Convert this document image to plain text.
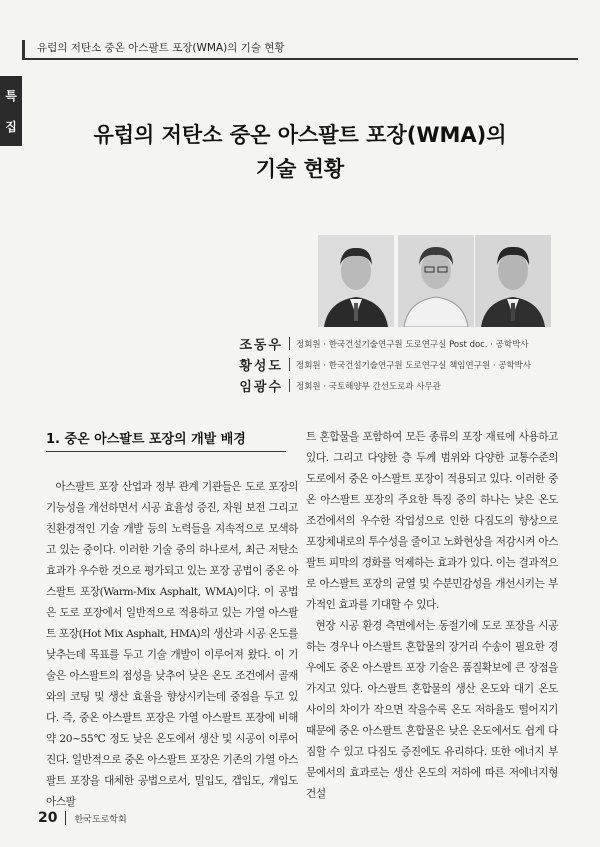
유럽의 저탄소 중온 아스팔트 포장(WMA)의 기술 현황
특
집	유럽의 저탄소 중온 아스팔트 포장(WMA)의
기술 현황
조동우 정회원 · 한국건설기술연구원 도로연구실 Post doc. · 공학박사
황성도 정회원 · 한국건설기술연구원 도로연구실 책임연구원 · 공학박사
임광수 정회원 · 국토해양부 간선도로과 사무관
1. 중온 아스팔트 포장의 개발 배경

아스팔트 포장 산업과 정부 관계 기관들은 도로 포장의 기능성을 개선하면서 시공 효율성 증진, 자원 보전 그리고 친환경적인 기술 개발 등의 노력들을 지속적으로 모색하고 있는 중이다. 이러한 기술 중의 하나로서, 최근 저탄소 효과가 우수한 것으로 평가되고 있는 포장 공법이 중온 아스팔트 포장(Warm-Mix Asphalt, WMA)이다. 이 공법은 도로 포장에서 일반적으로 적용하고 있는 가열 아스팔트 포장(Hot Mix Asphalt, HMA)의 생산과 시공 온도를 낮추는데 목표를 두고 기술 개발이 이루어져 왔다. 이 기술은 아스팔트의 점성을 낮추어 낮은 온도 조건에서 골재와의 코팅 및 생산 효율을 향상시키는데 중점을 두고 있다. 즉, 중온 아스팔트 포장은 가열 아스팔트 포장에 비해 약 20~55℃ 정도 낮은 온도에서 생산 및 시공이 이루어진다. 일반적으로 중온 아스팔트 포장은 기존의 가열 아스팔트 포장을 대체한 공법으로서, 밀입도, 갭입도, 개입도 아스팔

트 혼합물을 포함하여 모든 종류의 포장 재료에 사용하고 있다. 그리고 다양한 층 두께 범위와 다양한 교통수준의 도로에서 중온 아스팔트 포장이 적용되고 있다. 이러한 중온 아스팔트 포장의 주요한 특징 중의 하나는 낮은 온도 조건에서의 우수한 작업성으로 인한 다짐도의 향상으로 포장체내로의 투수성을 줄이고 노화현상을 저감시켜 아스팔트 피막의 경화를 억제하는 효과가 있다. 이는 결과적으로 아스팔트 포장의 균열 및 수분민감성을 개선시키는 부가적인 효과를 기대할 수 있다.

현장 시공 환경 측면에서는 동절기에 도로 포장을 시공하는 경우나 아스팔트 혼합물의 장거리 수송이 필요한 경우에도 중온 아스팔트 포장 기술은 품질확보에 큰 장점을 가지고 있다. 아스팔트 혼합물의 생산 온도와 대기 온도 사이의 차이가 작으면 작을수록 온도 저하율도 떨어지기 때문에 중온 아스팔트 혼합물은 낮은 온도에서도 쉽게 다짐할 수 있고 다짐도 증진에도 유리하다. 또한 에너지 부문에서의 효과로는 생산 온도의 저하에 따른 저에너지형 건설

20 한국도로학회
